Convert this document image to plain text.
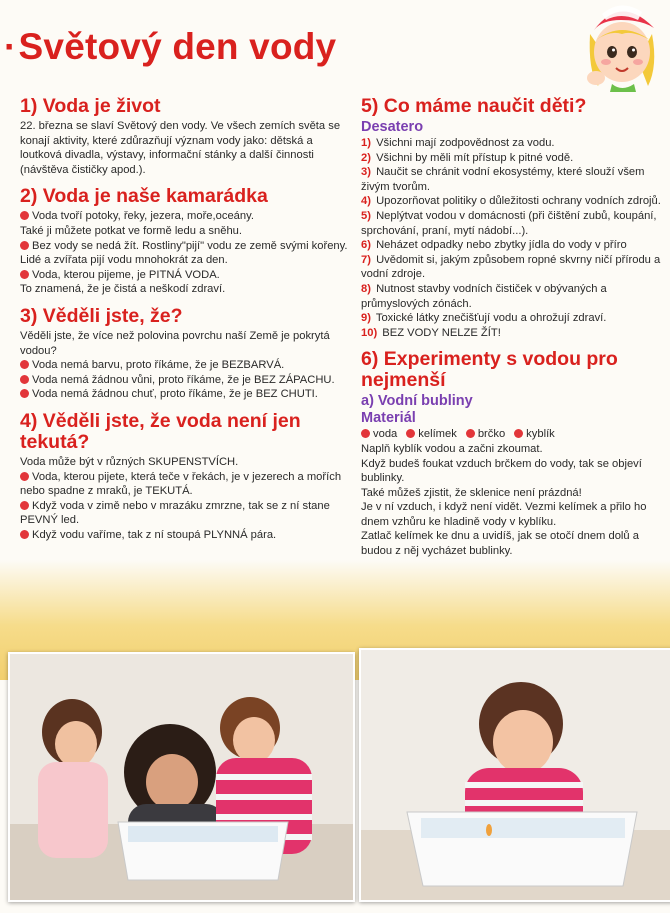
·Světový den vody
1) Voda je život

22. března se slaví Světový den vody. Ve všech zemích světa se konají aktivity, které zdůrazňují význam vody jako: dětská a loutková divadla, výstavy, informační stánky a další činnosti (návštěva čističky apod.).

2) Voda je naše kamarádka

Voda tvoří potoky, řeky, jezera, moře,oceány.

Také ji můžete potkat ve formě ledu a sněhu.

Bez vody se nedá žít. Rostliny"pijí" vodu ze země svými kořeny. Lidé a zvířata pijí vodu mnohokrát za den.

Voda, kterou pijeme, je PITNÁ VODA.

To znamená, že je čistá a neškodí zdraví.

3) Věděli jste, že?

Věděli jste, že více než polovina povrchu naší Země je pokrytá vodou?

Voda nemá barvu, proto říkáme, že je BEZBARVÁ.

Voda nemá žádnou vůni, proto říkáme, že je BEZ ZÁPACHU.

Voda nemá žádnou chuť, proto říkáme, že je BEZ CHUTI.

4) Věděli jste, že voda není jen tekutá?

Voda může být v různých SKUPENSTVÍCH.

Voda, kterou pijete, která teče v řekách, je v jezerech a mořích nebo spadne z mraků, je TEKUTÁ.

Když voda v zimě nebo v mrazáku zmrzne, tak se z ní stane PEVNÝ led.

Když vodu vaříme, tak z ní stoupá PLYNNÁ pára.

5) Co máme naučit děti?
Desatero

1) Všichni mají zodpovědnost za vodu.

2) Všichni by měli mít přístup k pitné vodě.

3) Naučit se chránit vodní ekosystémy, které slouží všem živým tvorům.

4) Upozorňovat politiky o důležitosti ochrany vodních zdrojů.

5) Neplýtvat vodou v domácnosti (při čištění zubů, koupání, sprchování, praní, mytí nádobí...).

6) Neházet odpadky nebo zbytky jídla do vody v příro

7) Uvědomit si, jakým způsobem ropné skvrny ničí přírodu a vodní zdroje.

8) Nutnost stavby vodních čističek v obývaných a průmyslových zónách.

9) Toxické látky znečišťují vodu a ohrožují zdraví.

10) BEZ VODY NELZE ŽÍT!

6) Experimenty s vodou pro nejmenší
a) Vodní bubliny
Materiál
voda	kelímek	brčko	kyblík

Naplň kyblík vodou a začni zkoumat.

Když budeš foukat vzduch brčkem do vody, tak se objeví bublinky.

Také můžeš zjistit, že sklenice není prázdná!

Je v ní vzduch, i když není vidět. Vezmi kelímek a přilo ho dnem vzhůru ke hladině vody v kyblíku.

Zatlač kelímek ke dnu a uvidíš, jak se otočí dnem dolů a budou z něj vycházet bublinky.
